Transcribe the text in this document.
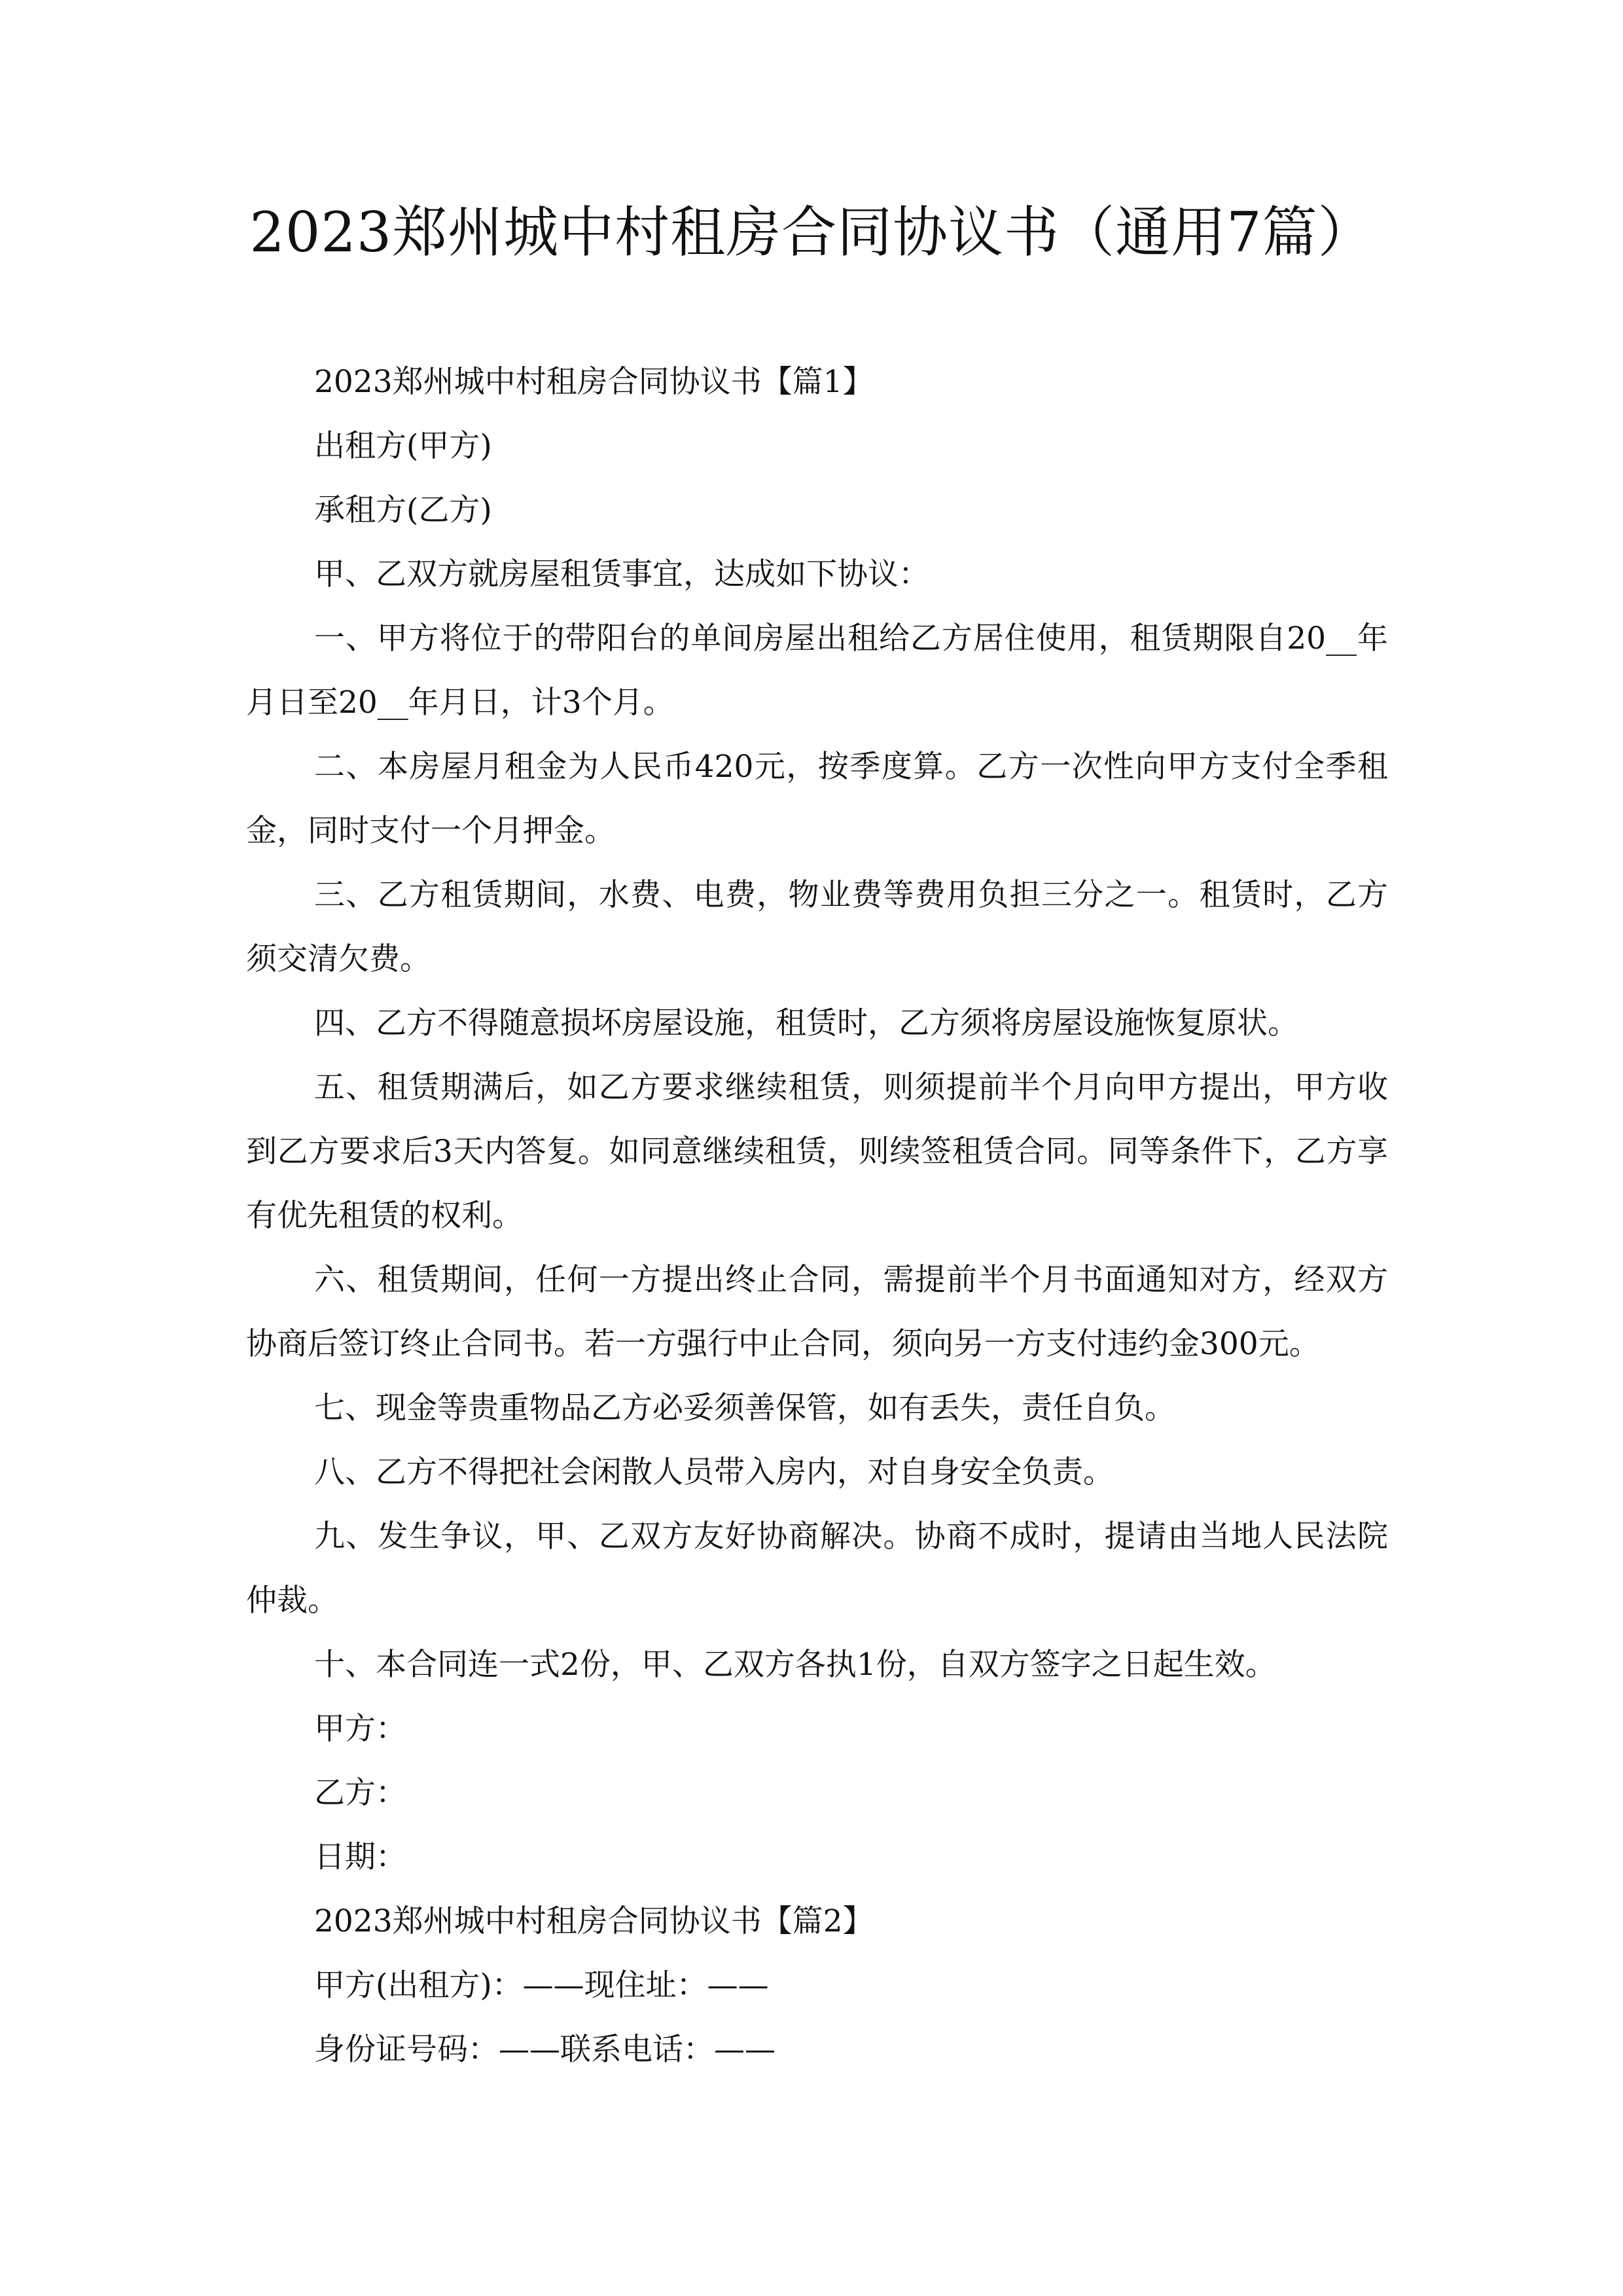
2023郑州城中村租房合同协议书（通用7篇）

2023郑州城中村租房合同协议书【篇1】

出租方(甲方)

承租方(乙方)

甲、乙双方就房屋租赁事宜，达成如下协议：

一、甲方将位于的带阳台的单间房屋出租给乙方居住使用，租赁期限自20__年月日至20__年月日，计3个月。

二、本房屋月租金为人民币420元，按季度算。乙方一次性向甲方支付全季租金，同时支付一个月押金。

三、乙方租赁期间，水费、电费，物业费等费用负担三分之一。租赁时，乙方须交清欠费。

四、乙方不得随意损坏房屋设施，租赁时，乙方须将房屋设施恢复原状。

五、租赁期满后，如乙方要求继续租赁，则须提前半个月向甲方提出，甲方收到乙方要求后3天内答复。如同意继续租赁，则续签租赁合同。同等条件下，乙方享有优先租赁的权利。

六、租赁期间，任何一方提出终止合同，需提前半个月书面通知对方，经双方协商后签订终止合同书。若一方强行中止合同，须向另一方支付违约金300元。

七、现金等贵重物品乙方必妥须善保管，如有丢失，责任自负。

八、乙方不得把社会闲散人员带入房内，对自身安全负责。

九、发生争议，甲、乙双方友好协商解决。协商不成时，提请由当地人民法院仲裁。

十、本合同连一式2份，甲、乙双方各执1份，自双方签字之日起生效。

甲方：

乙方：

日期：

2023郑州城中村租房合同协议书【篇2】

甲方(出租方)：——现住址：——

身份证号码：——联系电话：——
